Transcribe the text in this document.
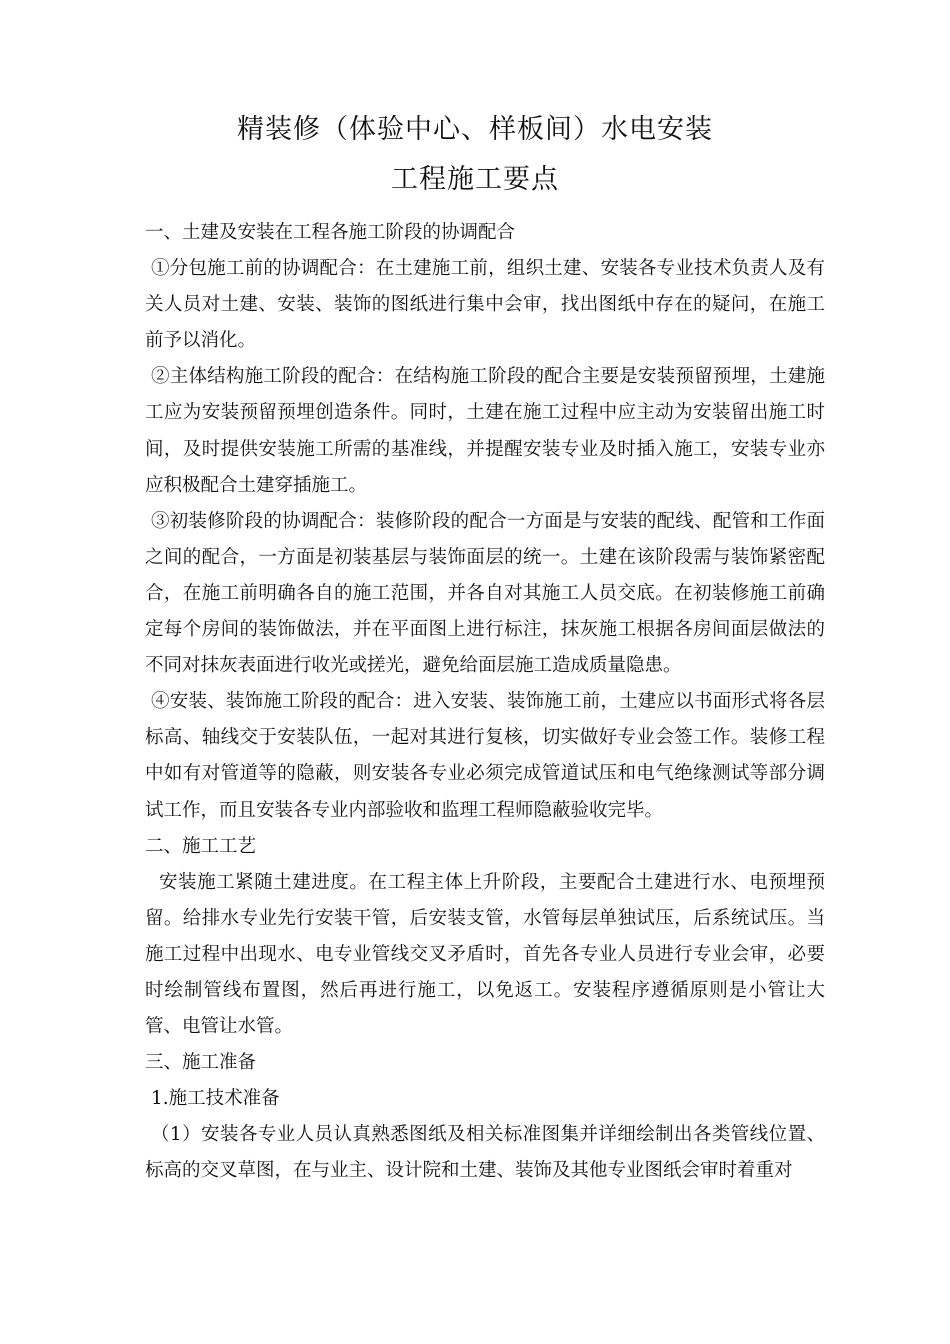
精装修（体验中心、样板间）水电安装
工程施工要点

一、土建及安装在工程各施工阶段的协调配合

①分包施工前的协调配合：在土建施工前，组织土建、安装各专业技术负责人及有关人员对土建、安装、装饰的图纸进行集中会审，找出图纸中存在的疑问，在施工前予以消化。

②主体结构施工阶段的配合：在结构施工阶段的配合主要是安装预留预埋，土建施工应为安装预留预埋创造条件。同时，土建在施工过程中应主动为安装留出施工时间，及时提供安装施工所需的基准线，并提醒安装专业及时插入施工，安装专业亦应积极配合土建穿插施工。

③初装修阶段的协调配合：装修阶段的配合一方面是与安装的配线、配管和工作面之间的配合，一方面是初装基层与装饰面层的统一。土建在该阶段需与装饰紧密配合，在施工前明确各自的施工范围，并各自对其施工人员交底。在初装修施工前确定每个房间的装饰做法，并在平面图上进行标注，抹灰施工根据各房间面层做法的不同对抹灰表面进行收光或搓光，避免给面层施工造成质量隐患。

④安装、装饰施工阶段的配合：进入安装、装饰施工前，土建应以书面形式将各层标高、轴线交于安装队伍，一起对其进行复核，切实做好专业会签工作。装修工程中如有对管道等的隐蔽，则安装各专业必须完成管道试压和电气绝缘测试等部分调试工作，而且安装各专业内部验收和监理工程师隐蔽验收完毕。

二、施工工艺

安装施工紧随土建进度。在工程主体上升阶段，主要配合土建进行水、电预埋预留。给排水专业先行安装干管，后安装支管，水管每层单独试压，后系统试压。当施工过程中出现水、电专业管线交叉矛盾时，首先各专业人员进行专业会审，必要时绘制管线布置图，然后再进行施工，以免返工。安装程序遵循原则是小管让大管、电管让水管。

三、施工准备

1.施工技术准备

（1）安装各专业人员认真熟悉图纸及相关标准图集并详细绘制出各类管线位置、标高的交叉草图，在与业主、设计院和土建、装饰及其他专业图纸会审时着重对
